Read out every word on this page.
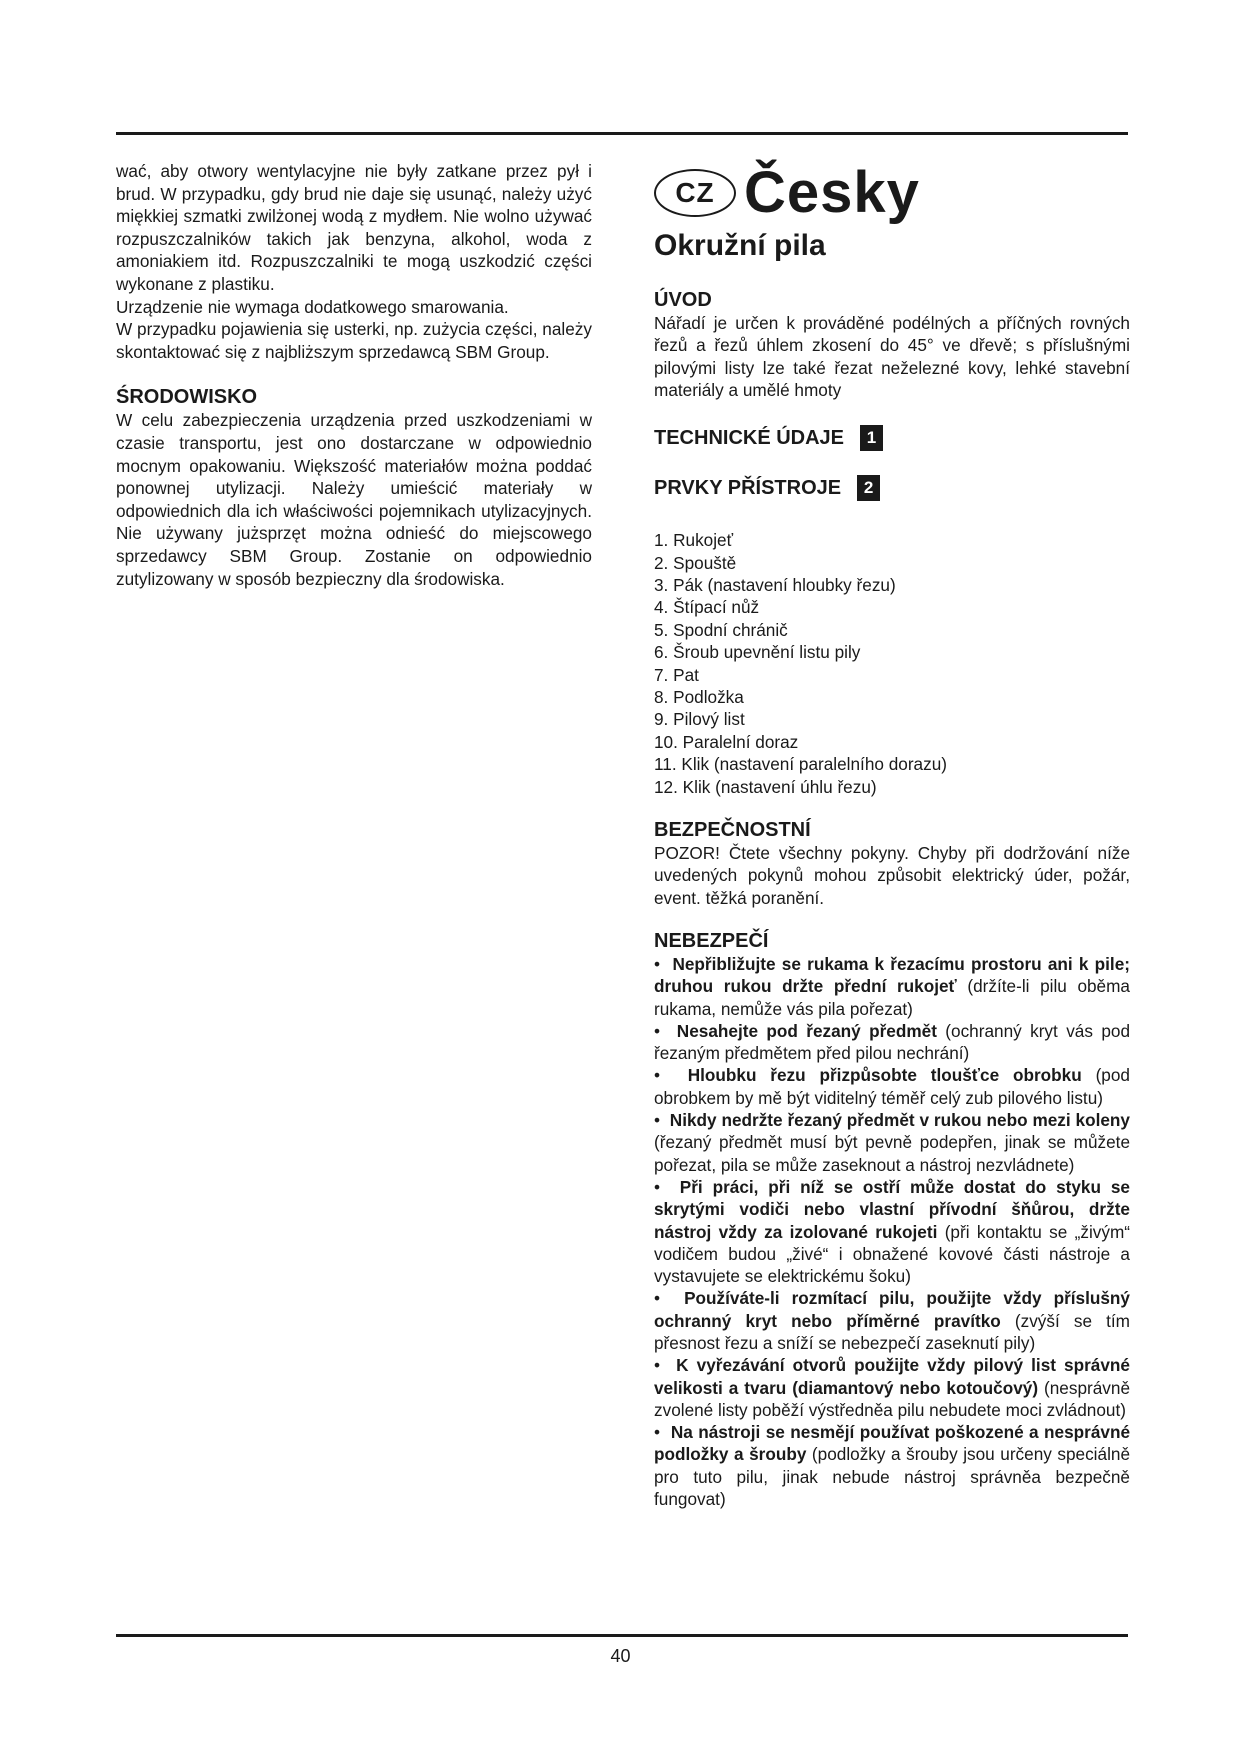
wać, aby otwory wentylacyjne nie były zatkane przez pył i brud. W przypadku, gdy brud nie daje się usunąć, należy użyć miękkiej szmatki zwilżonej wodą z mydłem. Nie wolno używać rozpuszczalników takich jak benzyna, alkohol, woda z amoniakiem itd. Rozpuszczalniki te mogą uszkodzić części wykonane z plastiku.

Urządzenie nie wymaga dodatkowego smarowania.

W przypadku pojawienia się usterki, np. zużycia części, należy skontaktować się z najbliższym sprzedawcą SBM Group.

ŚRODOWISKO

W celu zabezpieczenia urządzenia przed uszkodzeniami w czasie transportu, jest ono dostarczane w odpowiednio mocnym opakowaniu. Większość materiałów można poddać ponownej utylizacji. Należy umieścić materiały w odpowiednich dla ich właściwości pojemnikach utylizacyjnych. Nie używany jużsprzęt można odnieść do miejscowego sprzedawcy SBM Group. Zostanie on odpowiednio zutylizowany w sposób bezpieczny dla środowiska.

CZ Česky
Okružní pila
ÚVOD

Nářadí je určen k prováděné podélných a příčných rovných řezů a řezů úhlem zkosení do 45° ve dřevě; s příslušnými pilovými listy lze také řezat neželezné kovy, lehké stavební materiály a umělé hmoty

TECHNICKÉ ÚDAJE	1
PRVKY PŘÍSTROJE	2
1. Rukojeť
2. Spouště
3. Pák (nastavení hloubky řezu)
4. Štípací nůž
5. Spodní chránič
6. Šroub upevnění listu pily
7. Pat
8. Podložka
9. Pilový list
10. Paralelní doraz
11. Klik (nastavení paralelního dorazu)
12. Klik (nastavení úhlu řezu)
BEZPEČNOSTNÍ

POZOR! Čtete všechny pokyny. Chyby při dodržování níže uvedených pokynů mohou způsobit elektrický úder, požár, event. těžká poranění.

NEBEZPEČÍ
•  Nepřibližujte se rukama k řezacímu prostoru ani k pile; druhou rukou držte přední rukojeť (držíte-li pilu oběma rukama, nemůže vás pila pořezat)
•  Nesahejte pod řezaný předmět (ochranný kryt vás pod řezaným předmětem před pilou nechrání)
•  Hloubku řezu přizpůsobte tloušťce obrobku (pod obrobkem by mě být viditelný téměř celý zub pilového listu)
•  Nikdy nedržte řezaný předmět v rukou nebo mezi koleny (řezaný předmět musí být pevně podepřen, jinak se můžete pořezat, pila se může zaseknout a nástroj nezvládnete)
•  Při práci, při níž se ostří může dostat do styku se skrytými vodiči nebo vlastní přívodní šňůrou, držte nástroj vždy za izolované rukojeti (při kontaktu se „živým“ vodičem budou „živé“ i obnažené kovové části nástroje a vystavujete se elektrickému šoku)
•  Používáte-li rozmítací pilu, použijte vždy příslušný ochranný kryt nebo příměrné pravítko (zvýší se tím přesnost řezu a sníží se nebezpečí zaseknutí pily)
•  K vyřezávání otvorů použijte vždy pilový list správné velikosti a tvaru (diamantový nebo kotoučový) (nesprávně zvolené listy poběží výstředněa pilu nebudete moci zvládnout)
•  Na nástroji se nesmějí používat poškozené a nesprávné podložky a šrouby (podložky a šrouby jsou určeny speciálně pro tuto pilu, jinak nebude nástroj správněa bezpečně fungovat)
40
